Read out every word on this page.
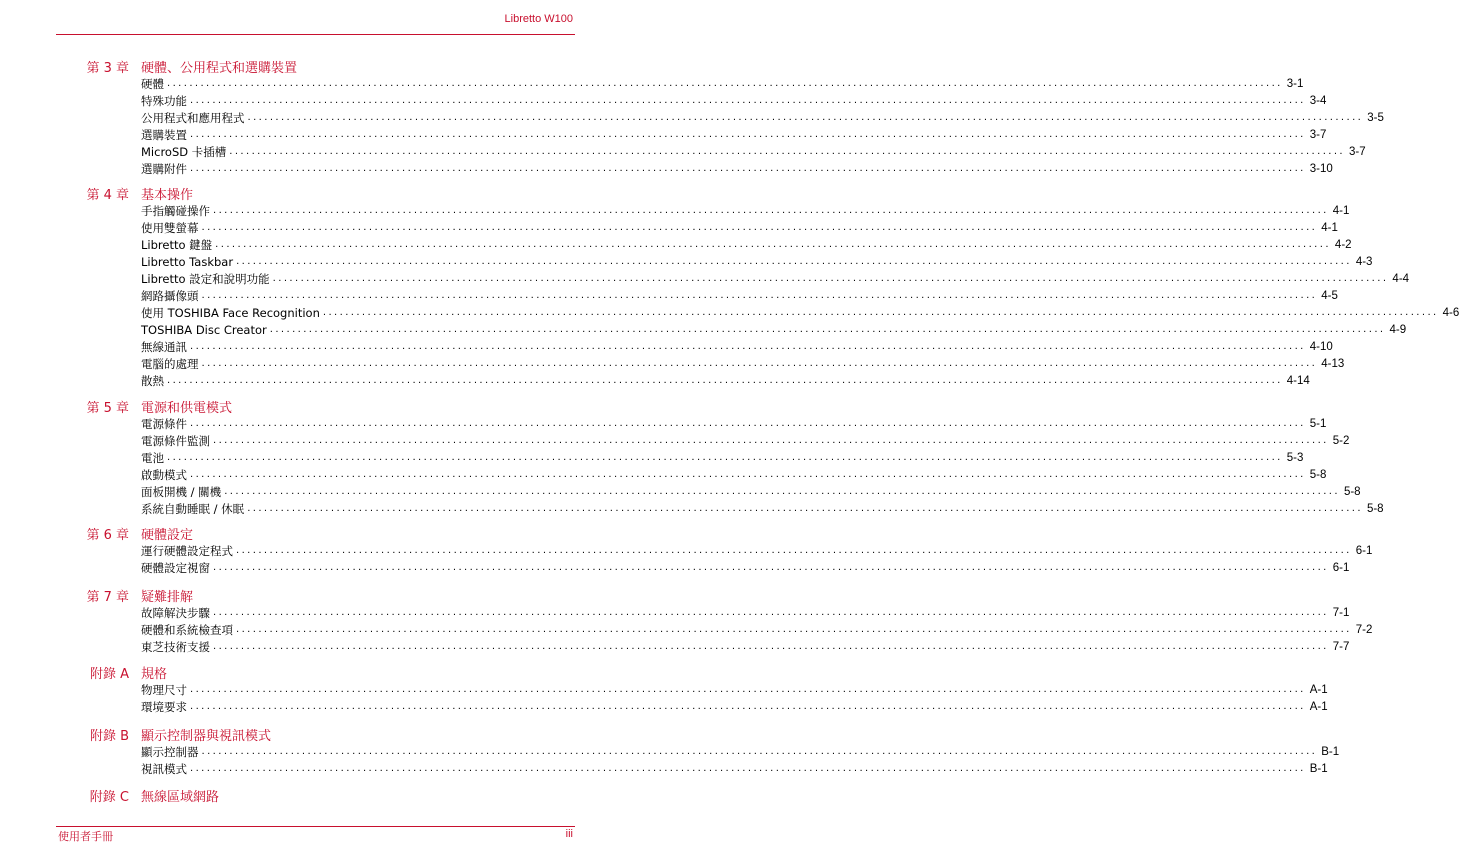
Libretto W100
第 3 章 硬體、公用程式和選購裝置
硬體 ........................................................................................................................................................................................................ 3-1
特殊功能 ........................................................................................................................................................................................................ 3-4
公用程式和應用程式 ........................................................................................................................................................................................................ 3-5
選購裝置 ........................................................................................................................................................................................................ 3-7
MicroSD 卡插槽 ........................................................................................................................................................................................................ 3-7
選購附件 ........................................................................................................................................................................................................ 3-10
第 4 章 基本操作
手指觸碰操作 ........................................................................................................................................................................................................ 4-1
使用雙螢幕 ........................................................................................................................................................................................................ 4-1
Libretto 鍵盤 ........................................................................................................................................................................................................ 4-2
Libretto Taskbar ........................................................................................................................................................................................................ 4-3
Libretto 設定和說明功能 ........................................................................................................................................................................................................ 4-4
網路攝像頭 ........................................................................................................................................................................................................ 4-5
使用 TOSHIBA Face Recognition ........................................................................................................................................................................................................ 4-6
TOSHIBA Disc Creator ........................................................................................................................................................................................................ 4-9
無線通訊 ........................................................................................................................................................................................................ 4-10
電腦的處理 ........................................................................................................................................................................................................ 4-13
散熱 ........................................................................................................................................................................................................ 4-14
第 5 章 電源和供電模式
電源條件 ........................................................................................................................................................................................................ 5-1
電源條件監測 ........................................................................................................................................................................................................ 5-2
電池 ........................................................................................................................................................................................................ 5-3
啟動模式 ........................................................................................................................................................................................................ 5-8
面板開機 / 關機 ........................................................................................................................................................................................................ 5-8
系統自動睡眠 / 休眠 ........................................................................................................................................................................................................ 5-8
第 6 章 硬體設定
運行硬體設定程式 ........................................................................................................................................................................................................ 6-1
硬體設定視窗 ........................................................................................................................................................................................................ 6-1
第 7 章 疑難排解
故障解決步驟 ........................................................................................................................................................................................................ 7-1
硬體和系統檢查項 ........................................................................................................................................................................................................ 7-2
東芝技術支援 ........................................................................................................................................................................................................ 7-7
附錄 A 規格
物理尺寸 ........................................................................................................................................................................................................ A-1
環境要求 ........................................................................................................................................................................................................ A-1
附錄 B 顯示控制器與視訊模式
顯示控制器 ........................................................................................................................................................................................................ B-1
視訊模式 ........................................................................................................................................................................................................ B-1
附錄 C 無線區域網路
使用者手冊	iii
